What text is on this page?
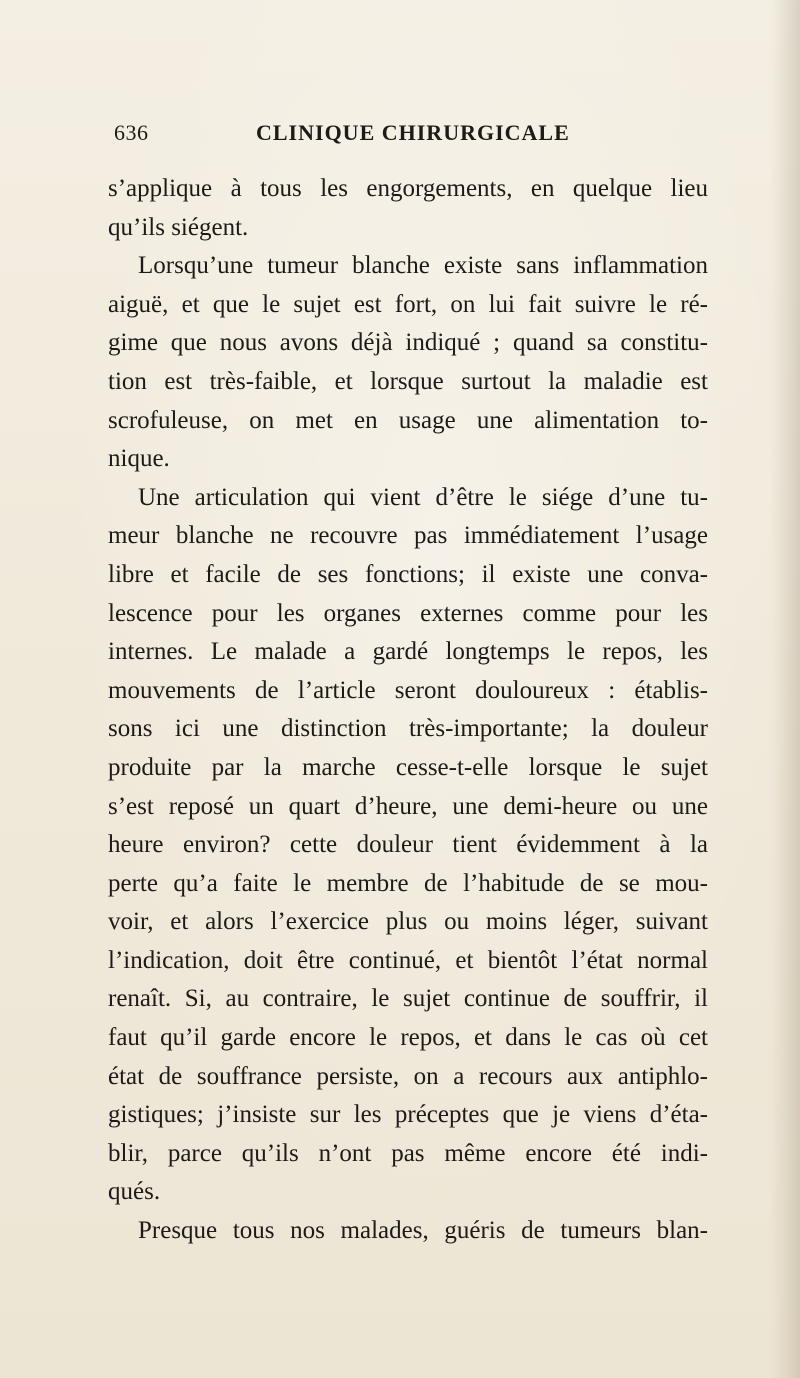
636	CLINIQUE CHIRURGICALE
s’applique à tous les engorgements, en quelque lieu
qu’ils siégent.
Lorsqu’une tumeur blanche existe sans inflammation
aiguë, et que le sujet est fort, on lui fait suivre le ré-
gime que nous avons déjà indiqué ; quand sa constitu-
tion est très-faible, et lorsque surtout la maladie est
scrofuleuse, on met en usage une alimentation to-
nique.
Une articulation qui vient d’être le siége d’une tu-
meur blanche ne recouvre pas immédiatement l’usage
libre et facile de ses fonctions; il existe une conva-
lescence pour les organes externes comme pour les
internes. Le malade a gardé longtemps le repos, les
mouvements de l’article seront douloureux : établis-
sons ici une distinction très-importante; la douleur
produite par la marche cesse-t-elle lorsque le sujet
s’est reposé un quart d’heure, une demi-heure ou une
heure environ? cette douleur tient évidemment à la
perte qu’a faite le membre de l’habitude de se mou-
voir, et alors l’exercice plus ou moins léger, suivant
l’indication, doit être continué, et bientôt l’état normal
renaît. Si, au contraire, le sujet continue de souffrir, il
faut qu’il garde encore le repos, et dans le cas où cet
état de souffrance persiste, on a recours aux antiphlo-
gistiques; j’insiste sur les préceptes que je viens d’éta-
blir, parce qu’ils n’ont pas même encore été indi-
qués.
Presque tous nos malades, guéris de tumeurs blan-
